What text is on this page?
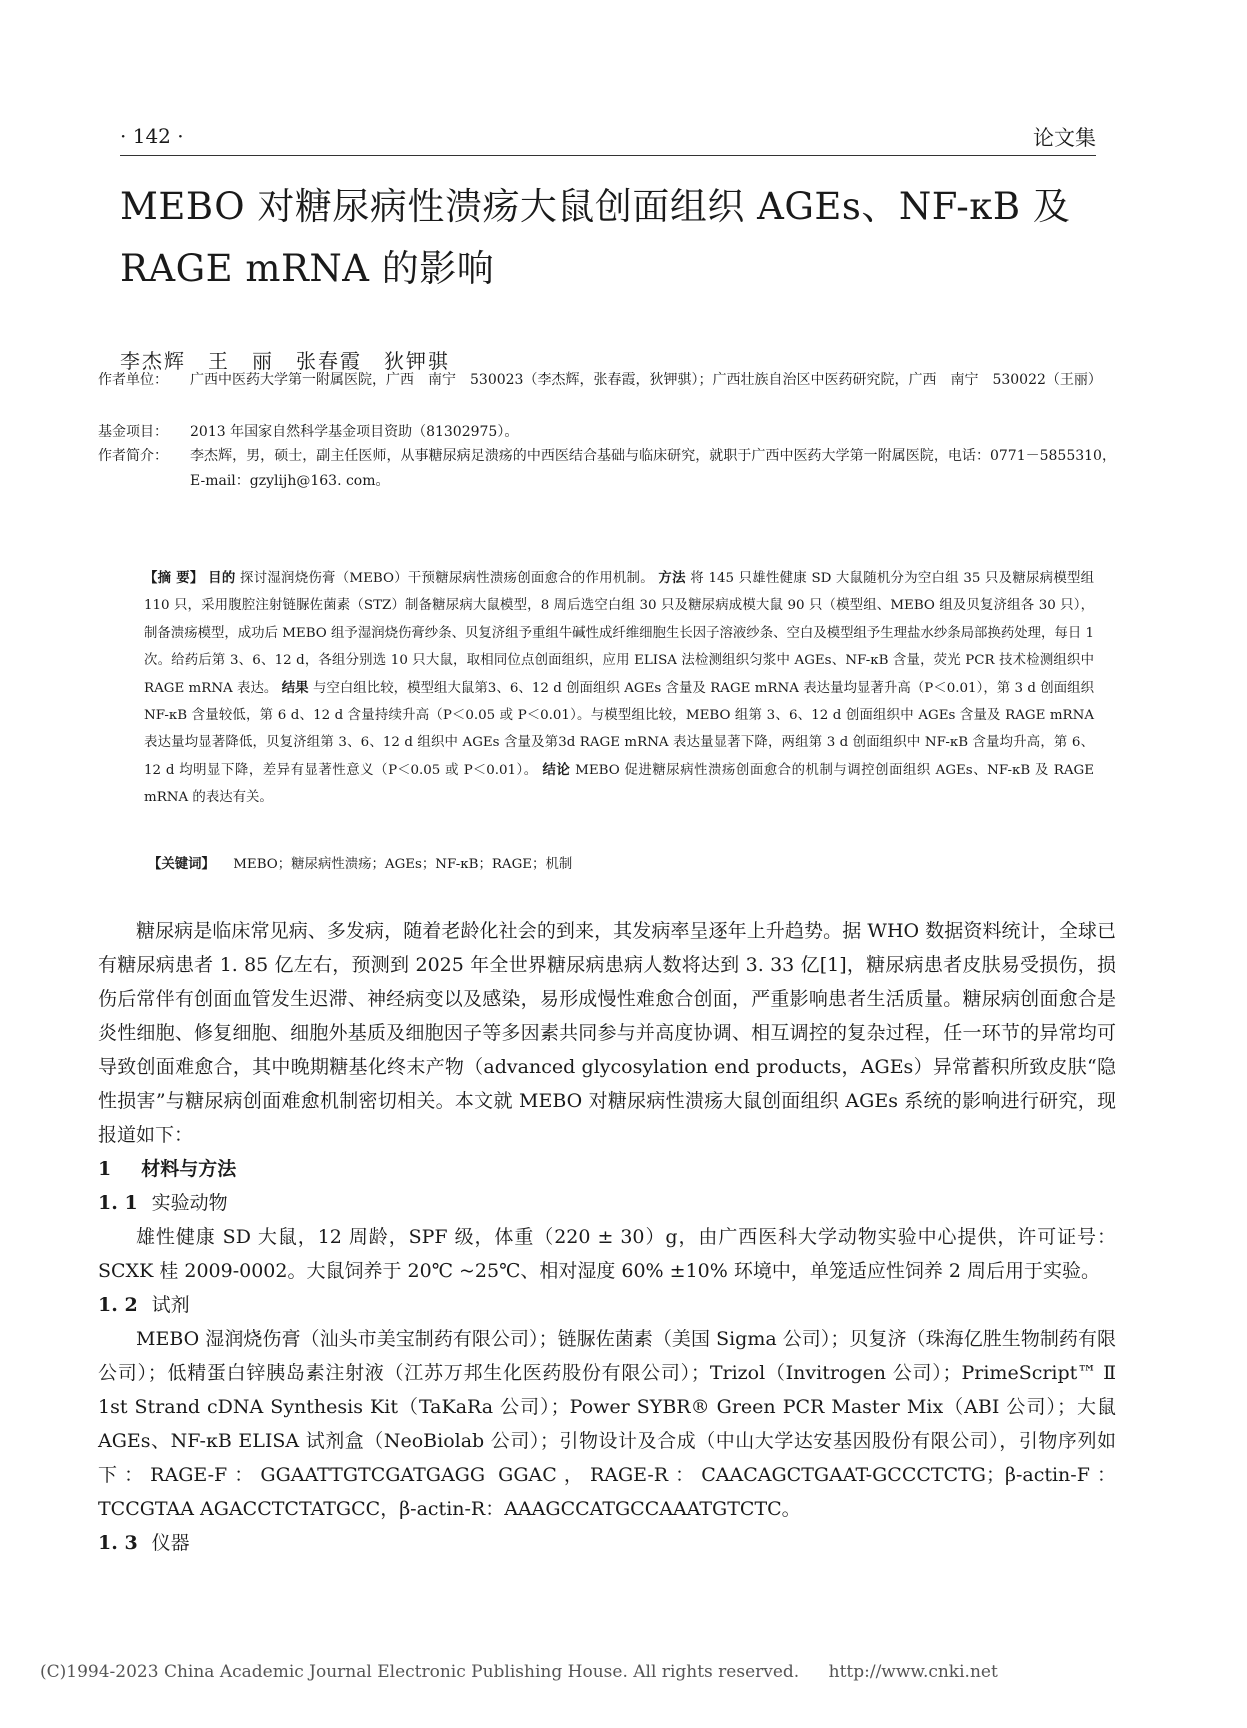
· 142 ·	论文集
MEBO 对糖尿病性溃疡大鼠创面组织 AGEs、NF-κB 及 RAGE mRNA 的影响
李杰辉　王　丽　张春霞　狄钾骐
作者单位： 广西中医药大学第一附属医院，广西　南宁　530023（李杰辉，张春霞，狄钾骐）；广西壮族自治区中医药研究院，广西　南宁　530022（王丽）
基金项目： 2013 年国家自然科学基金项目资助（81302975）。
作者简介： 李杰辉，男，硕士，副主任医师，从事糖尿病足溃疡的中西医结合基础与临床研究，就职于广西中医药大学第一附属医院，电话：0771－5855310，E-mail：gzylijh@163. com。
【摘 要】 目的 探讨湿润烧伤膏（MEBO）干预糖尿病性溃疡创面愈合的作用机制。 方法 将 145 只雄性健康 SD 大鼠随机分为空白组 35 只及糖尿病模型组 110 只，采用腹腔注射链脲佐菌素（STZ）制备糖尿病大鼠模型，8 周后选空白组 30 只及糖尿病成模大鼠 90 只（模型组、MEBO 组及贝复济组各 30 只），制备溃疡模型，成功后 MEBO 组予湿润烧伤膏纱条、贝复济组予重组牛碱性成纤维细胞生长因子溶液纱条、空白及模型组予生理盐水纱条局部换药处理，每日 1 次。给药后第 3、6、12 d，各组分别选 10 只大鼠，取相同位点创面组织，应用 ELISA 法检测组织匀浆中 AGEs、NF-κB 含量，荧光 PCR 技术检测组织中 RAGE mRNA 表达。 结果 与空白组比较，模型组大鼠第3、6、12 d 创面组织 AGEs 含量及 RAGE mRNA 表达量均显著升高（P＜0.01），第 3 d 创面组织 NF-κB 含量较低，第 6 d、12 d 含量持续升高（P＜0.05 或 P＜0.01）。与模型组比较，MEBO 组第 3、6、12 d 创面组织中 AGEs 含量及 RAGE mRNA 表达量均显著降低，贝复济组第 3、6、12 d 组织中 AGEs 含量及第3d RAGE mRNA 表达量显著下降，两组第 3 d 创面组织中 NF-κB 含量均升高，第 6、12 d 均明显下降，差异有显著性意义（P＜0.05 或 P＜0.01）。 结论 MEBO 促进糖尿病性溃疡创面愈合的机制与调控创面组织 AGEs、NF-κB 及 RAGE mRNA 的表达有关。
【关键词】 MEBO；糖尿病性溃疡；AGEs；NF-κB；RAGE；机制

糖尿病是临床常见病、多发病，随着老龄化社会的到来，其发病率呈逐年上升趋势。据 WHO 数据资料统计，全球已有糖尿病患者 1. 85 亿左右，预测到 2025 年全世界糖尿病患病人数将达到 3. 33 亿[1]，糖尿病患者皮肤易受损伤，损伤后常伴有创面血管发生迟滞、神经病变以及感染，易形成慢性难愈合创面，严重影响患者生活质量。糖尿病创面愈合是炎性细胞、修复细胞、细胞外基质及细胞因子等多因素共同参与并高度协调、相互调控的复杂过程，任一环节的异常均可导致创面难愈合，其中晚期糖基化终末产物（advanced glycosylation end products，AGEs）异常蓄积所致皮肤“隐性损害”与糖尿病创面难愈机制密切相关。本文就 MEBO 对糖尿病性溃疡大鼠创面组织 AGEs 系统的影响进行研究，现报道如下：

1 材料与方法
1. 1 实验动物

雄性健康 SD 大鼠，12 周龄，SPF 级，体重（220 ± 30）g，由广西医科大学动物实验中心提供，许可证号：SCXK 桂 2009-0002。大鼠饲养于 20℃ ~25℃、相对湿度 60% ±10% 环境中，单笼适应性饲养 2 周后用于实验。

1. 2 试剂

MEBO 湿润烧伤膏（汕头市美宝制药有限公司）；链脲佐菌素（美国 Sigma 公司）；贝复济（珠海亿胜生物制药有限公司）；低精蛋白锌胰岛素注射液（江苏万邦生化医药股份有限公司）；Trizol（Invitrogen 公司）；PrimeScript™ Ⅱ 1st Strand cDNA Synthesis Kit（TaKaRa 公司）；Power SYBR® Green PCR Master Mix（ABI 公司）；大鼠 AGEs、NF-κB ELISA 试剂盒（NeoBiolab 公司）；引物设计及合成（中山大学达安基因股份有限公司），引物序列如下：RAGE-F：GGAATTGTCGATGAGG GGAC，RAGE-R：CAACAGCTGAAT-GCCCTCTG；β-actin-F：TCCGTAA AGACCTCTATGCC，β-actin-R：AAAGCCATGCCAAATGTCTC。

1. 3 仪器
(C)1994-2023 China Academic Journal Electronic Publishing House. All rights reserved. http://www.cnki.net
